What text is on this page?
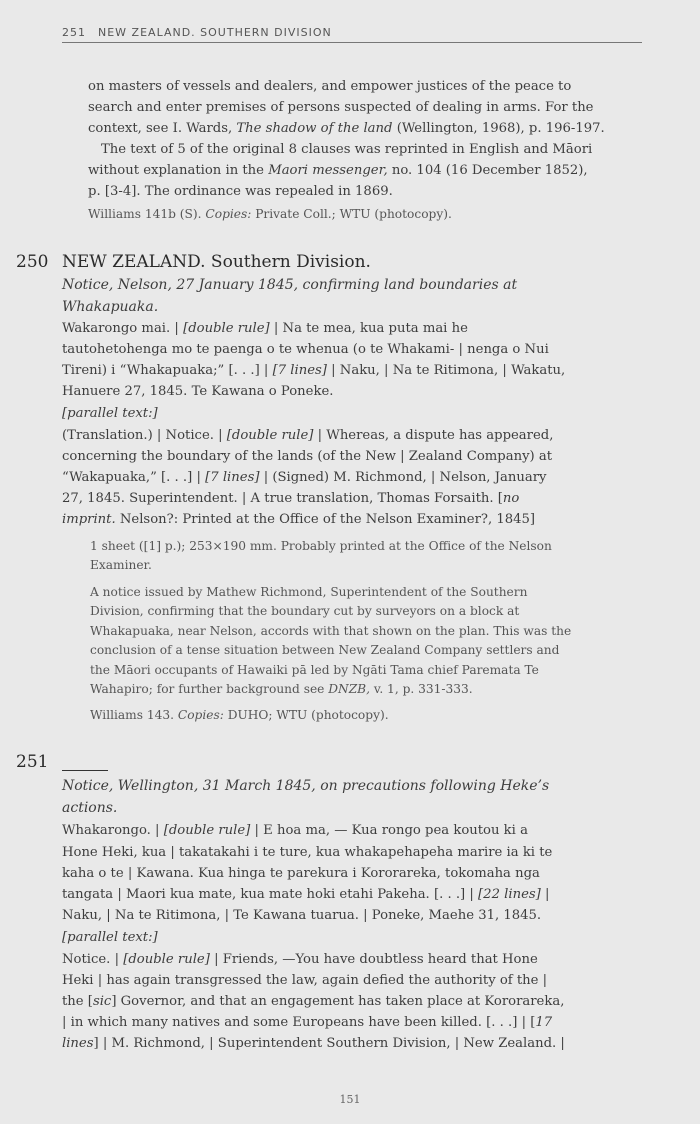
251 NEW ZEALAND. SOUTHERN DIVISION
on masters of vessels and dealers, and empower justices of the peace to
search and enter premises of persons suspected of dealing in arms. For the
context, see I. Wards, The shadow of the land (Wellington, 1968), p. 196-197.
The text of 5 of the original 8 clauses was reprinted in English and Māori
without explanation in the Maori messenger, no. 104 (16 December 1852),
p. [3-4]. The ordinance was repealed in 1869.
Williams 141b (S). Copies: Private Coll.; WTU (photocopy).
250 NEW ZEALAND. Southern Division.
Notice, Nelson, 27 January 1845, confirming land boundaries at
Whakapuaka.
Wakarongo mai. | [double rule] | Na te mea, kua puta mai he
tautohetohenga mo te paenga o te whenua (o te Whakami- | nenga o Nui
Tireni) i “Whakapuaka;” [. . .] | [7 lines] | Naku, | Na te Ritimona, | Wakatu,
Hanuere 27, 1845. Te Kawana o Poneke.
[parallel text:]
(Translation.) | Notice. | [double rule] | Whereas, a dispute has appeared,
concerning the boundary of the lands (of the New | Zealand Company) at
“Wakapuaka,” [. . .] | [7 lines] | (Signed) M. Richmond, | Nelson, January
27, 1845. Superintendent. | A true translation, Thomas Forsaith. [no
imprint. Nelson?: Printed at the Office of the Nelson Examiner?, 1845]
1 sheet ([1] p.); 253×190 mm. Probably printed at the Office of the Nelson
Examiner.
A notice issued by Mathew Richmond, Superintendent of the Southern
Division, confirming that the boundary cut by surveyors on a block at
Whakapuaka, near Nelson, accords with that shown on the plan. This was the
conclusion of a tense situation between New Zealand Company settlers and
the Māori occupants of Hawaiki pā led by Ngāti Tama chief Paremata Te
Wahapiro; for further background see DNZB, v. 1, p. 331-333.
Williams 143. Copies: DUHO; WTU (photocopy).
251
Notice, Wellington, 31 March 1845, on precautions following Heke’s
actions.
Whakarongo. | [double rule] | E hoa ma, — Kua rongo pea koutou ki a
Hone Heki, kua | takatakahi i te ture, kua whakapehapeha marire ia ki te
kaha o te | Kawana. Kua hinga te parekura i Kororareka, tokomaha nga
tangata | Maori kua mate, kua mate hoki etahi Pakeha. [. . .] | [22 lines] |
Naku, | Na te Ritimona, | Te Kawana tuarua. | Poneke, Maehe 31, 1845.
[parallel text:]
Notice. | [double rule] | Friends, —You have doubtless heard that Hone
Heki | has again transgressed the law, again defied the authority of the |
the [sic] Governor, and that an engagement has taken place at Kororareka,
| in which many natives and some Europeans have been killed. [. . .] | [17
lines] | M. Richmond, | Superintendent Southern Division, | New Zealand. |
151
